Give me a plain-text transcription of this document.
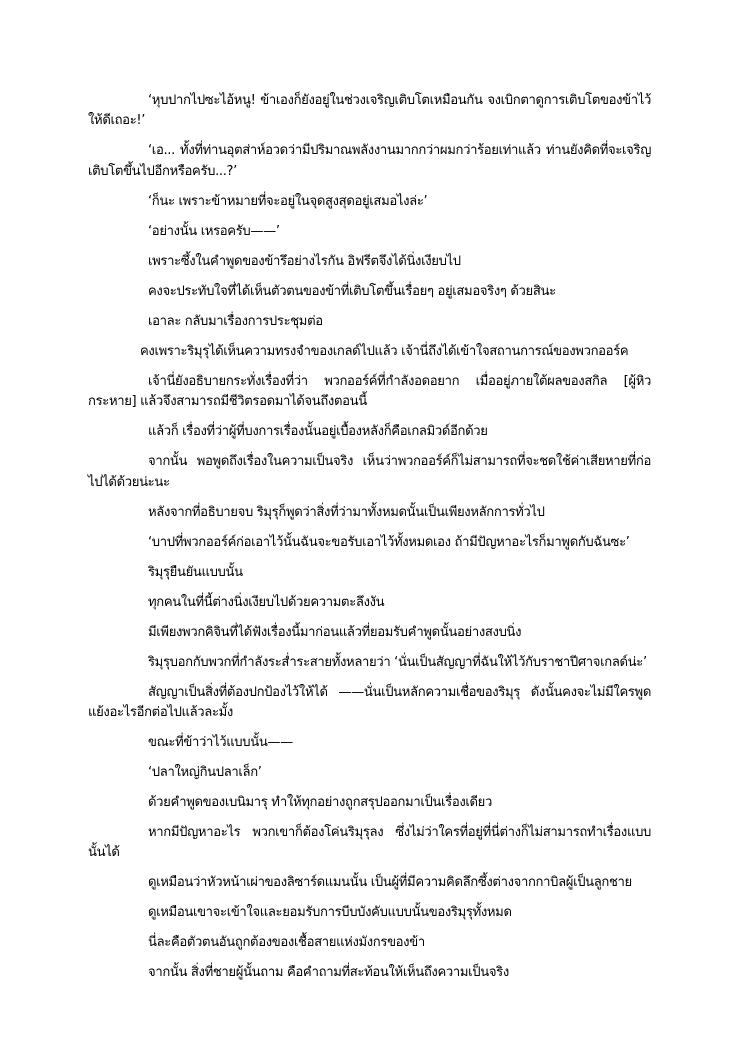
‘หุบปากไปซะไอ้หนู! ข้าเองก็ยังอยู่ในช่วงเจริญเติบโตเหมือนกัน จงเบิกตาดูการเติบโตของข้าไว้ให้ดีเถอะ!’

‘เอ... ทั้งที่ท่านอุตส่าห์อวดว่ามีปริมาณพลังงานมากกว่าผมกว่าร้อยเท่าแล้ว ท่านยังคิดที่จะเจริญเติบโตขึ้นไปอีกหรือครับ...?’

‘ก็นะ เพราะข้าหมายที่จะอยู่ในจุดสูงสุดอยู่เสมอไงล่ะ’

‘อย่างนั้น เหรอครับ——’

เพราะซึ้งในคำพูดของข้ารึอย่างไรกัน อิฟรีตจึงได้นิ่งเงียบไป

คงจะประทับใจที่ได้เห็นตัวตนของข้าที่เติบโตขึ้นเรื่อยๆ อยู่เสมอจริงๆ ด้วยสินะ

เอาละ กลับมาเรื่องการประชุมต่อ

คงเพราะริมุรุได้เห็นความทรงจำของเกลด์ไปแล้ว เจ้านี่ถึงได้เข้าใจสถานการณ์ของพวกออร์ค

เจ้านี่ยังอธิบายกระทั่งเรื่องที่ว่า พวกออร์ค์ที่กำลังอดอยาก เมื่ออยู่ภายใต้ผลของสกิล [ผู้หิวกระหาย] แล้วจึงสามารถมีชีวิตรอดมาได้จนถึงตอนนี้

แล้วก็ เรื่องที่ว่าผู้ที่บงการเรื่องนั้นอยู่เบื้องหลังก็คือเกลมิวด์อีกด้วย

จากนั้น พอพูดถึงเรื่องในความเป็นจริง เห็นว่าพวกออร์ค์ก็ไม่สามารถที่จะชดใช้ค่าเสียหายที่ก่อไปได้ด้วยน่ะนะ

หลังจากที่อธิบายจบ ริมุรุก็พูดว่าสิ่งที่ว่ามาทั้งหมดนั้นเป็นเพียงหลักการทั่วไป

‘บาปที่พวกออร์ค์ก่อเอาไว้นั้นฉันจะขอรับเอาไว้ทั้งหมดเอง ถ้ามีปัญหาอะไรก็มาพูดกับฉันซะ’

ริมุรุยืนยันแบบนั้น

ทุกคนในที่นี้ต่างนิ่งเงียบไปด้วยความตะลึงงัน

มีเพียงพวกคิจินที่ได้ฟังเรื่องนี้มาก่อนแล้วที่ยอมรับคำพูดนั้นอย่างสงบนิ่ง

ริมุรุบอกกับพวกที่กำลังระส่ำระสายทั้งหลายว่า ‘นั่นเป็นสัญญาที่ฉันให้ไว้กับราชาปีศาจเกลด์น่ะ’

สัญญาเป็นสิ่งที่ต้องปกป้องไว้ให้ได้ ——นั่นเป็นหลักความเชื่อของริมุรุ ดังนั้นคงจะไม่มีใครพูดแย้งอะไรอีกต่อไปแล้วละมั้ง

ขณะที่ข้าว่าไว้แบบนั้น——

‘ปลาใหญ่กินปลาเล็ก’

ด้วยคำพูดของเบนิมารุ ทำให้ทุกอย่างถูกสรุปออกมาเป็นเรื่องเดียว

หากมีปัญหาอะไร พวกเขาก็ต้องโค่นริมุรุลง ซึ่งไม่ว่าใครที่อยู่ที่นี่ต่างก็ไม่สามารถทำเรื่องแบบนั้นได้

ดูเหมือนว่าหัวหน้าเผ่าของลิซาร์ดแมนนั้น เป็นผู้ที่มีความคิดลึกซึ้งต่างจากกาบิลผู้เป็นลูกชาย

ดูเหมือนเขาจะเข้าใจและยอมรับการบีบบังคับแบบนั้นของริมุรุทั้งหมด

นี่ละคือตัวตนอันถูกต้องของเชื้อสายแห่งมังกรของข้า

จากนั้น สิ่งที่ชายผู้นั้นถาม คือคำถามที่สะท้อนให้เห็นถึงความเป็นจริง
